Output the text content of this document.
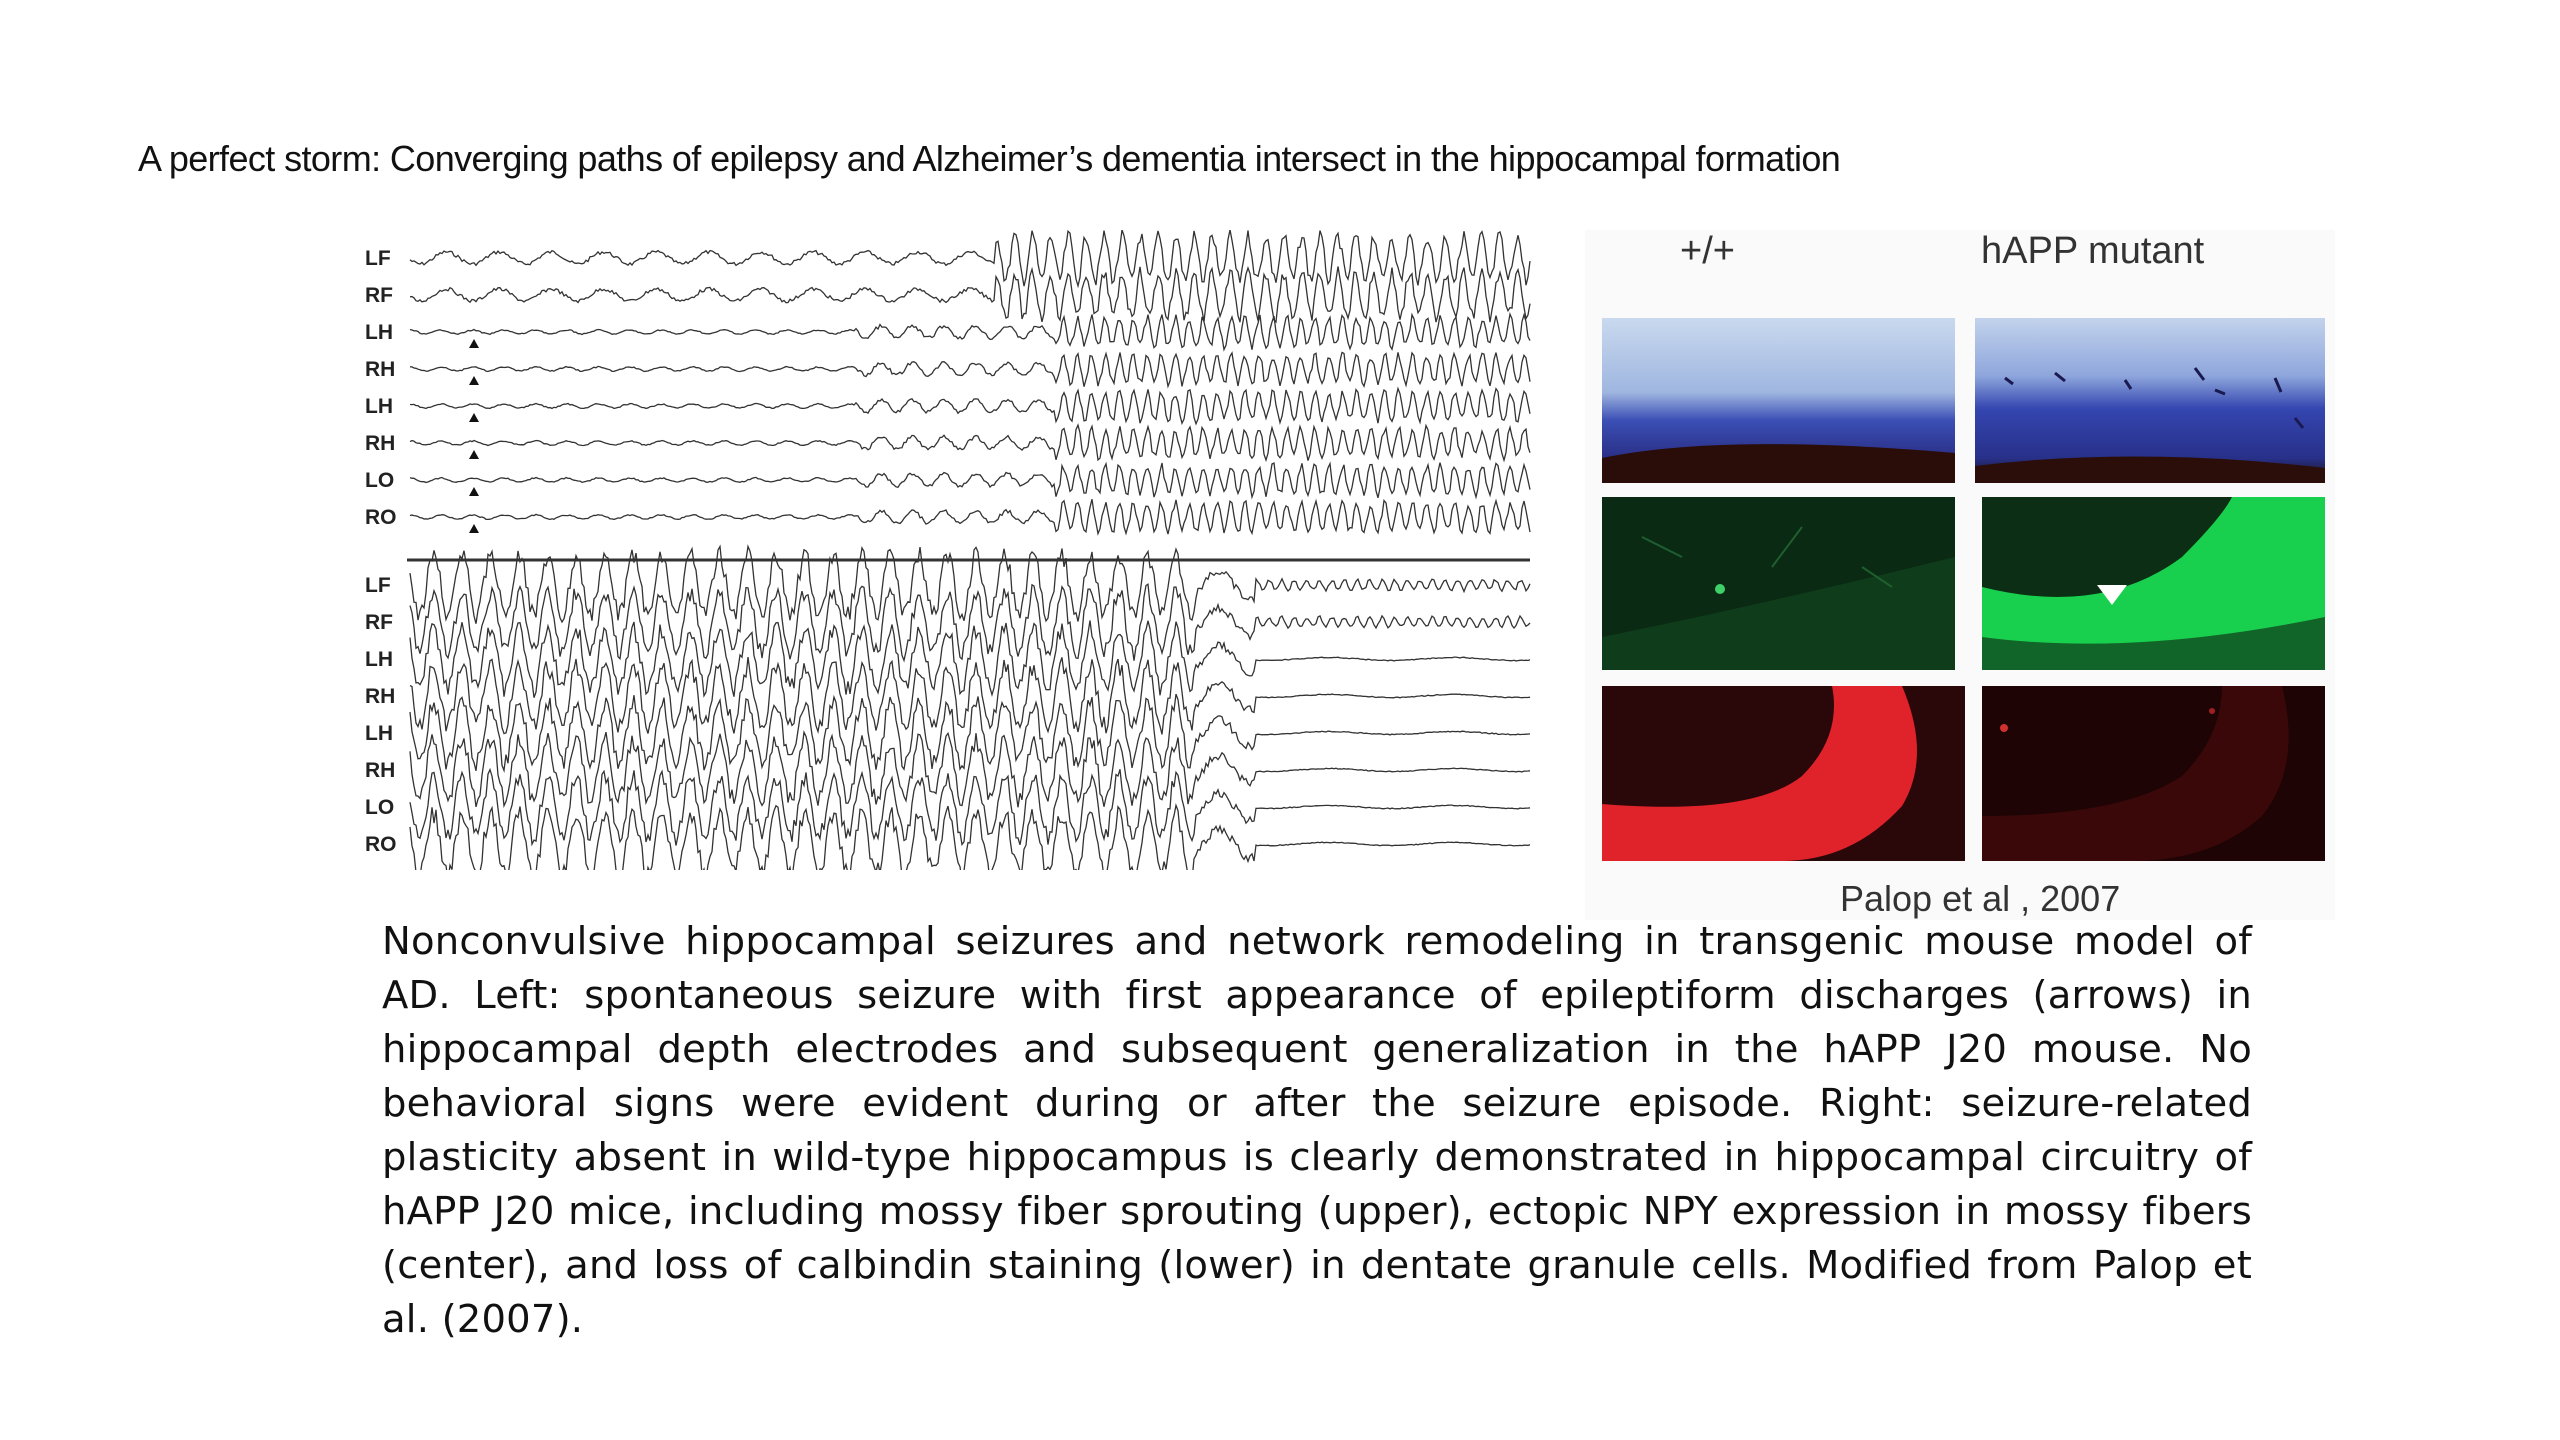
A perfect storm: Converging paths of epilepsy and Alzheimer’s dementia intersect in the hippocampal formation
LF
RF
LH
RH
LH
RH
LO
RO
LF
RF
LH
RH
LH
RH
LO
RO
+/+	hAPP mutant
Palop et al , 2007
Nonconvulsive hippocampal seizures and network remodeling in transgenic mouse model of AD. Left: spontaneous seizure with first appearance of epileptiform discharges (arrows) in hippocampal depth electrodes and subsequent generalization in the hAPP J20 mouse. No behavioral signs were evident during or after the seizure episode. Right: seizure-related plasticity absent in wild-type hippocampus is clearly demonstrated in hippocampal circuitry of hAPP J20 mice, including mossy fiber sprouting (upper), ectopic NPY expression in mossy fibers (center), and loss of calbindin staining (lower) in dentate granule cells. Modified from Palop et al. (2007).
